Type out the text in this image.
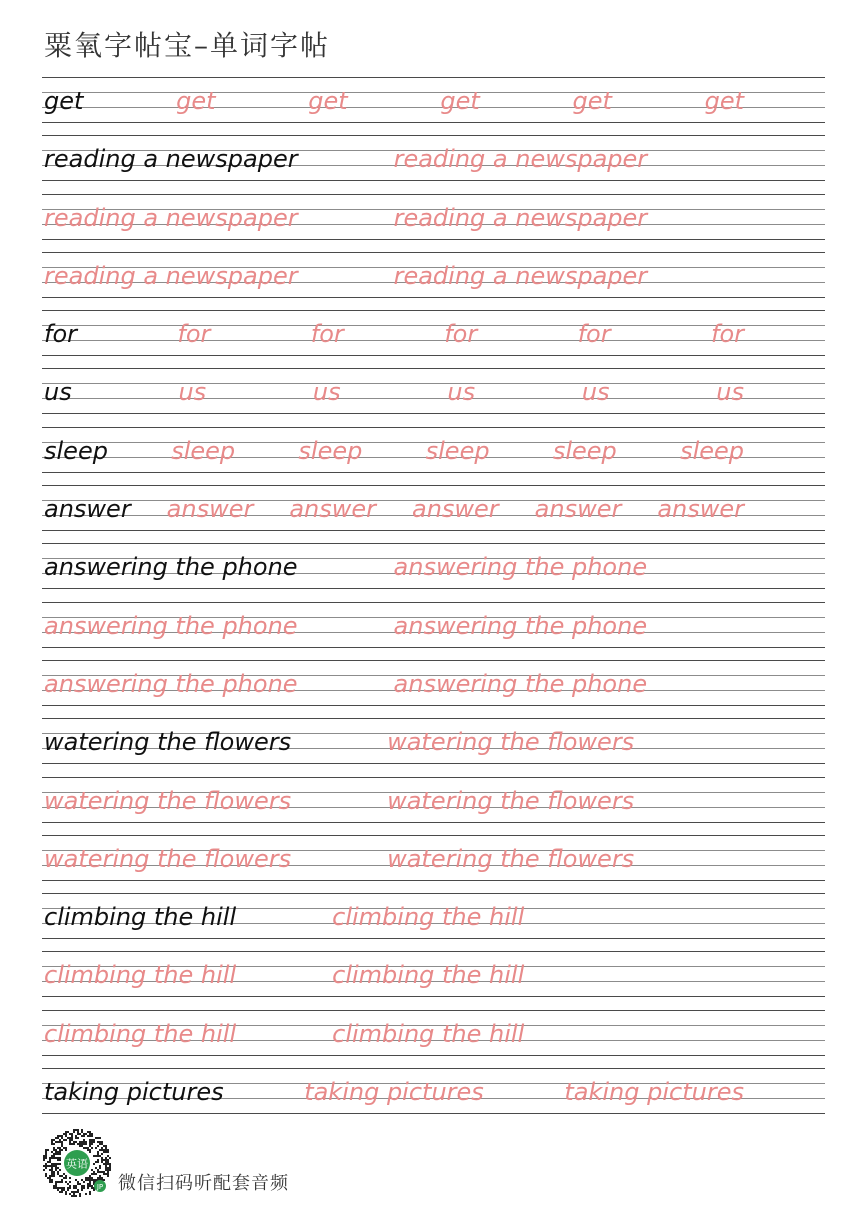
粟氧字帖宝–单词字帖
get	get	get	get	get	get
reading a newspaper	reading a newspaper
reading a newspaper	reading a newspaper
reading a newspaper	reading a newspaper
for	for	for	for	for	for
us	us	us	us	us	us
sleep	sleep	sleep	sleep	sleep	sleep
answer answer answer answer answer answer
answering the phone	answering the phone
answering the phone	answering the phone
answering the phone	answering the phone
watering the flowers	watering the flowers
watering the flowers	watering the flowers
watering the flowers	watering the flowers
climbing the hill	climbing the hill
climbing the hill	climbing the hill
climbing the hill	climbing the hill
taking pictures	taking pictures	taking pictures
英语
JP 微信扫码听配套音频
